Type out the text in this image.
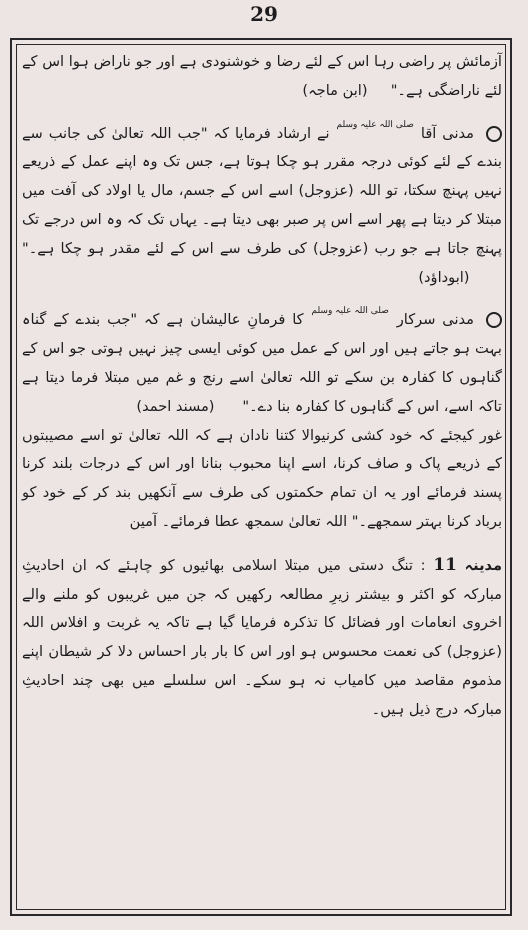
29

آزمائش پر راضی رہا اس کے لئے رضا و خوشنودی ہے اور جو ناراض ہوا اس کے لئے ناراضگی ہے۔"     (ابن ماجہ)

مدنی آقا صلی اللہ علیہ وسلم نے ارشاد فرمایا کہ "جب اللہ تعالیٰ کی جانب سے بندے کے لئے کوئی درجہ مقرر ہو چکا ہوتا ہے، جس تک وہ اپنے عمل کے ذریعے نہیں پہنچ سکتا، تو اللہ (عزوجل) اسے اس کے جسم، مال یا اولاد کی آفت میں مبتلا کر دیتا ہے پھر اسے اس پر صبر بھی دیتا ہے۔ یہاں تک کہ وہ اس درجے تک پہنچ جاتا ہے جو رب (عزوجل) کی طرف سے اس کے لئے مقدر ہو چکا ہے۔"        (ابوداؤد)

مدنی سرکار صلی اللہ علیہ وسلم کا فرمانِ عالیشان ہے کہ "جب بندے کے گناہ بہت ہو جاتے ہیں اور اس کے عمل میں کوئی ایسی چیز نہیں ہوتی جو اس کے گناہوں کا کفارہ بن سکے تو اللہ تعالیٰ اسے رنج و غم میں مبتلا فرما دیتا ہے تاکہ اسے، اس کے گناہوں کا کفارہ بنا دے۔"      (مسند احمد)

غور کیجئے کہ خود کشی کرنیوالا کتنا نادان ہے کہ اللہ تعالیٰ تو اسے مصیبتوں کے ذریعے پاک و صاف کرنا، اسے اپنا محبوب بنانا اور اس کے درجات بلند کرنا پسند فرمائے اور یہ ان تمام حکمتوں کی طرف سے آنکھیں بند کر کے خود کو برباد کرنا بہتر سمجھے۔" اللہ تعالیٰ سمجھ عطا فرمائے۔ آمین

مدینہ 11 : تنگ دستی میں مبتلا اسلامی بھائیوں کو چاہئے کہ ان احادیثِ مبارکہ کو اکثر و بیشتر زیرِ مطالعہ رکھیں کہ جن میں غریبوں کو ملنے والے اخروی انعامات اور فضائل کا تذکرہ فرمایا گیا ہے تاکہ یہ غربت و افلاس اللہ (عزوجل) کی نعمت محسوس ہو اور اس کا بار بار احساس دلا کر شیطان اپنے مذموم مقاصد میں کامیاب نہ ہو سکے۔ اس سلسلے میں بھی چند احادیثِ مبارکہ درج ذیل ہیں۔
